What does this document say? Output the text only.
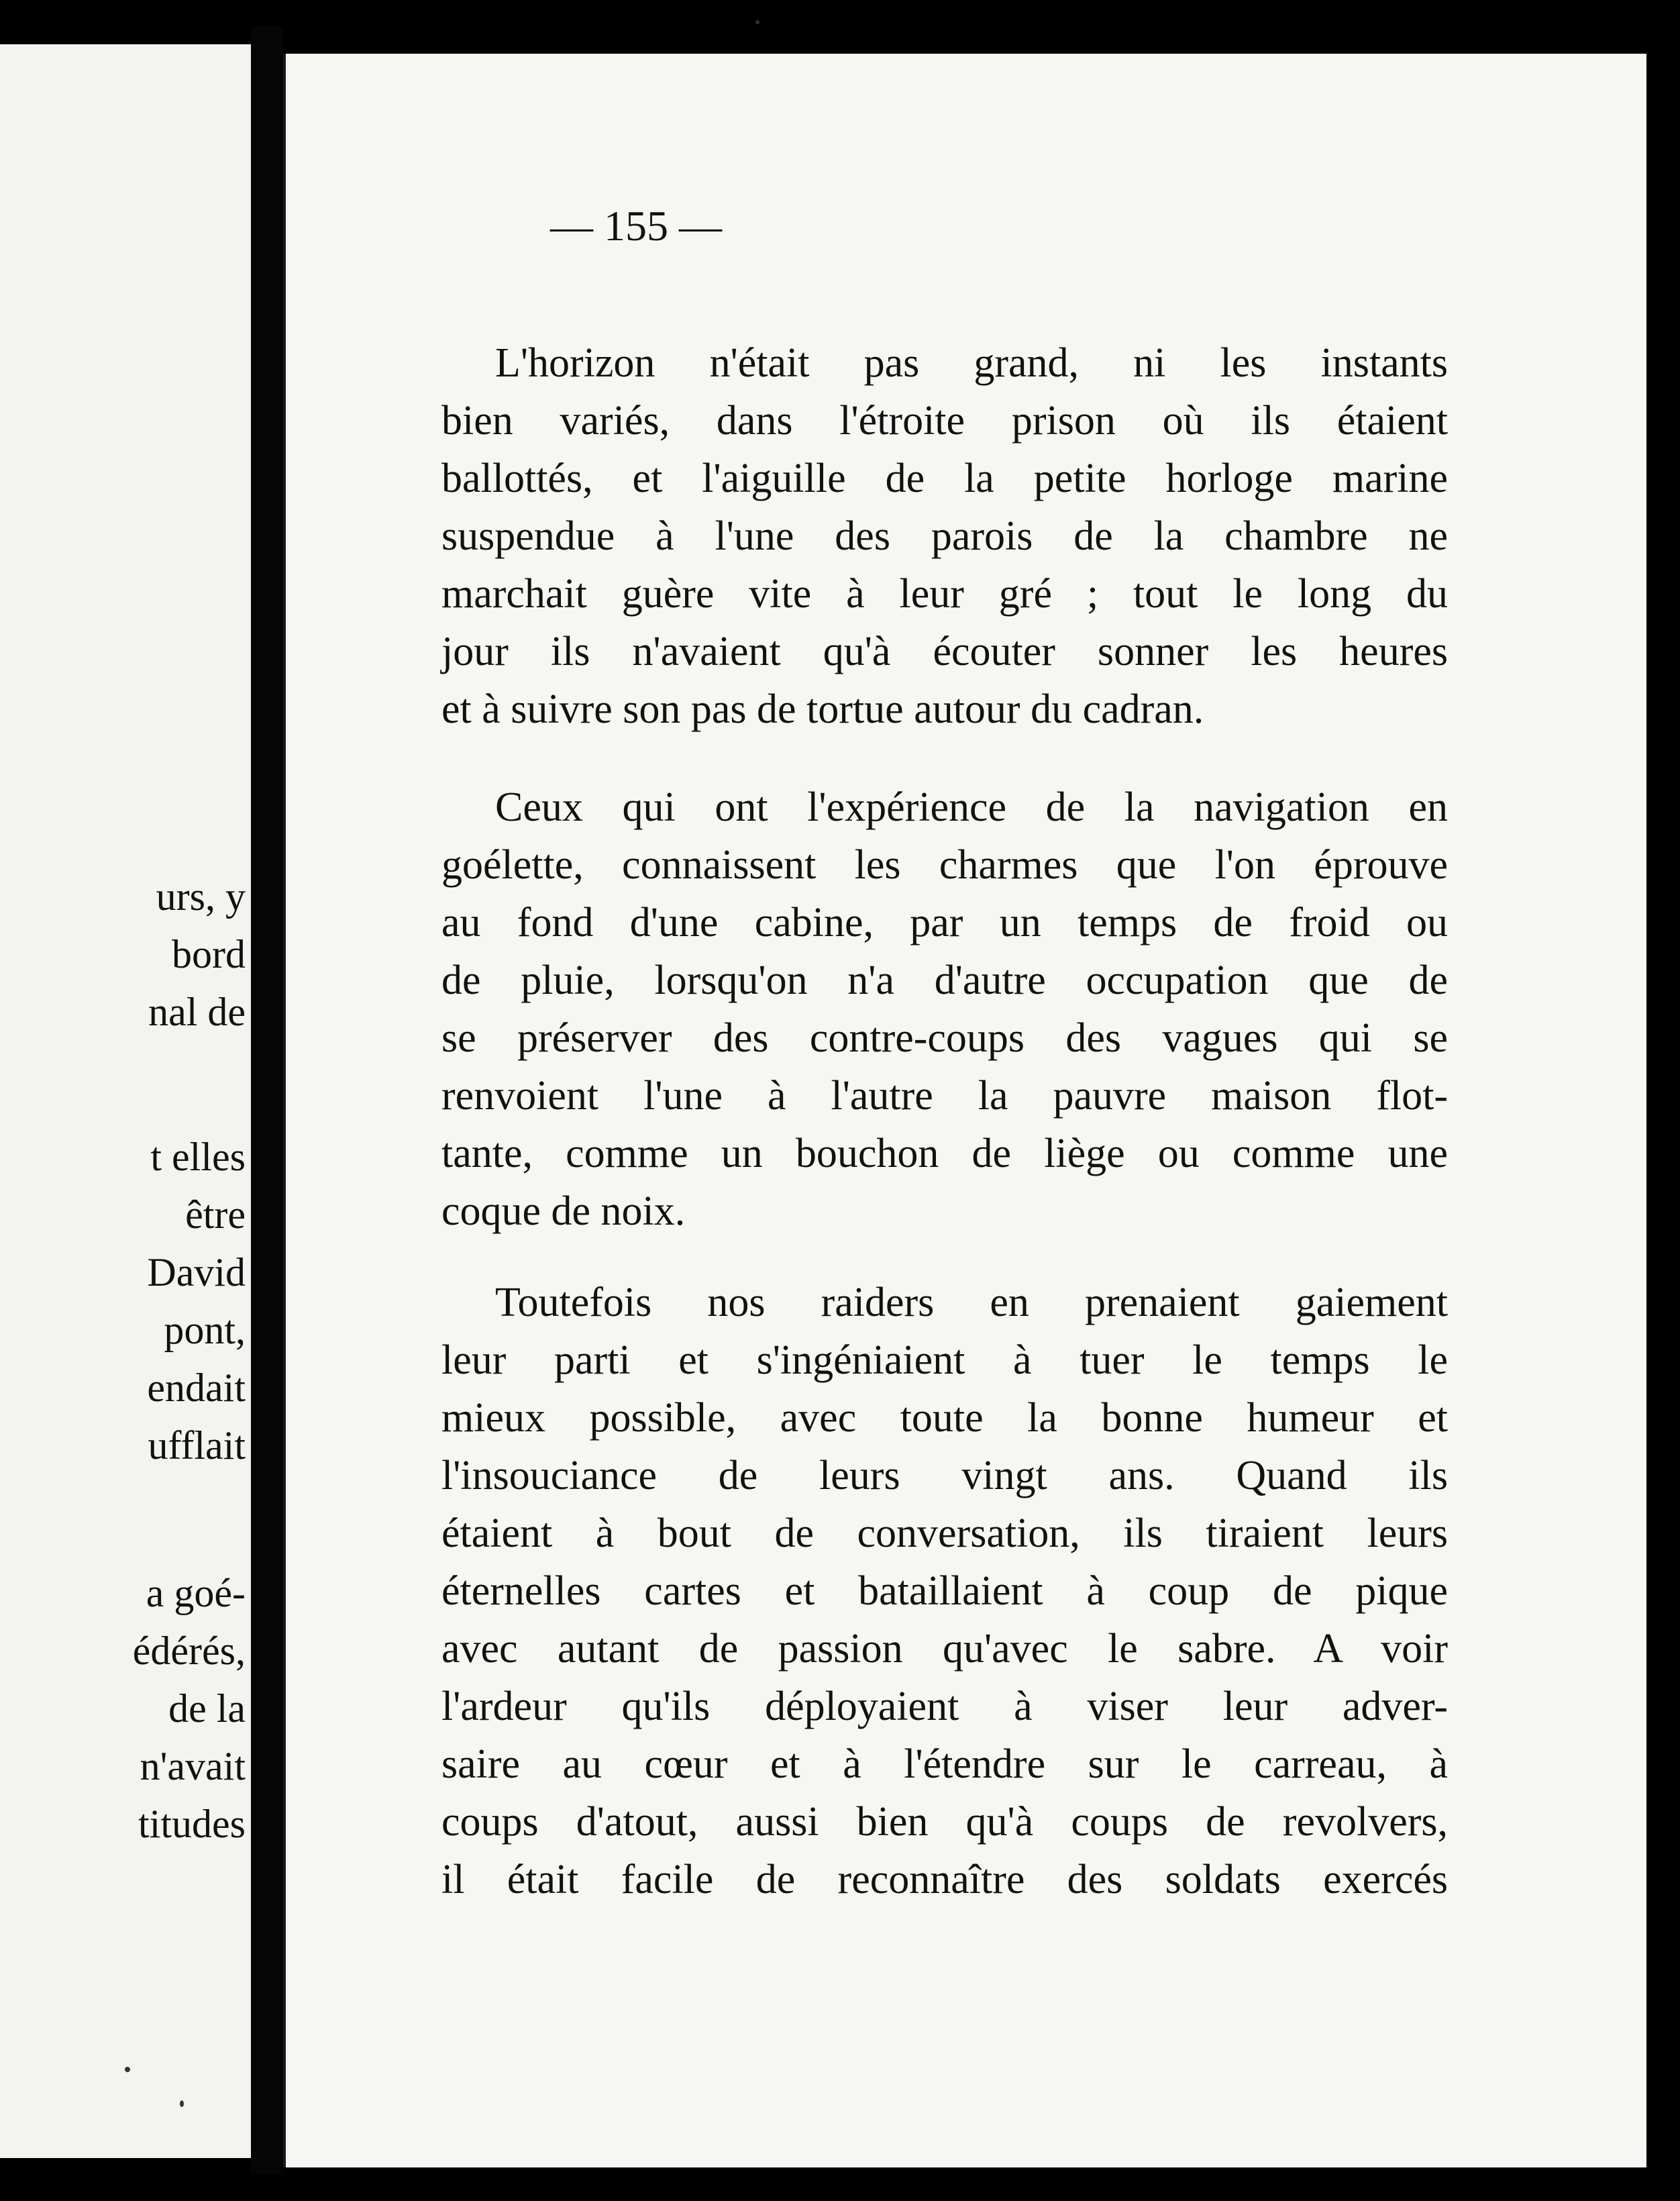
urs, y
bord
nal de
t elles
être
David
pont,
endait
ufflait
a goé-
édérés,
de la
n'avait
titudes
— 155 —
L'horizon n'était pas grand, ni les instants
bien variés, dans l'étroite prison où ils étaient
ballottés, et l'aiguille de la petite horloge marine
suspendue à l'une des parois de la chambre ne
marchait guère vite à leur gré ; tout le long du
jour ils n'avaient qu'à écouter sonner les heures
et à suivre son pas de tortue autour du cadran.
Ceux qui ont l'expérience de la navigation en
goélette, connaissent les charmes que l'on éprouve
au fond d'une cabine, par un temps de froid ou
de pluie, lorsqu'on n'a d'autre occupation que de
se préserver des contre-coups des vagues qui se
renvoient l'une à l'autre la pauvre maison flot-
tante, comme un bouchon de liège ou comme une
coque de noix.
Toutefois nos raiders en prenaient gaiement
leur parti et s'ingéniaient à tuer le temps le
mieux possible, avec toute la bonne humeur et
l'insouciance de leurs vingt ans. Quand ils
étaient à bout de conversation, ils tiraient leurs
éternelles cartes et bataillaient à coup de pique
avec autant de passion qu'avec le sabre. A voir
l'ardeur qu'ils déployaient à viser leur adver-
saire au cœur et à l'étendre sur le carreau, à
coups d'atout, aussi bien qu'à coups de revolvers,
il était facile de reconnaître des soldats exercés
